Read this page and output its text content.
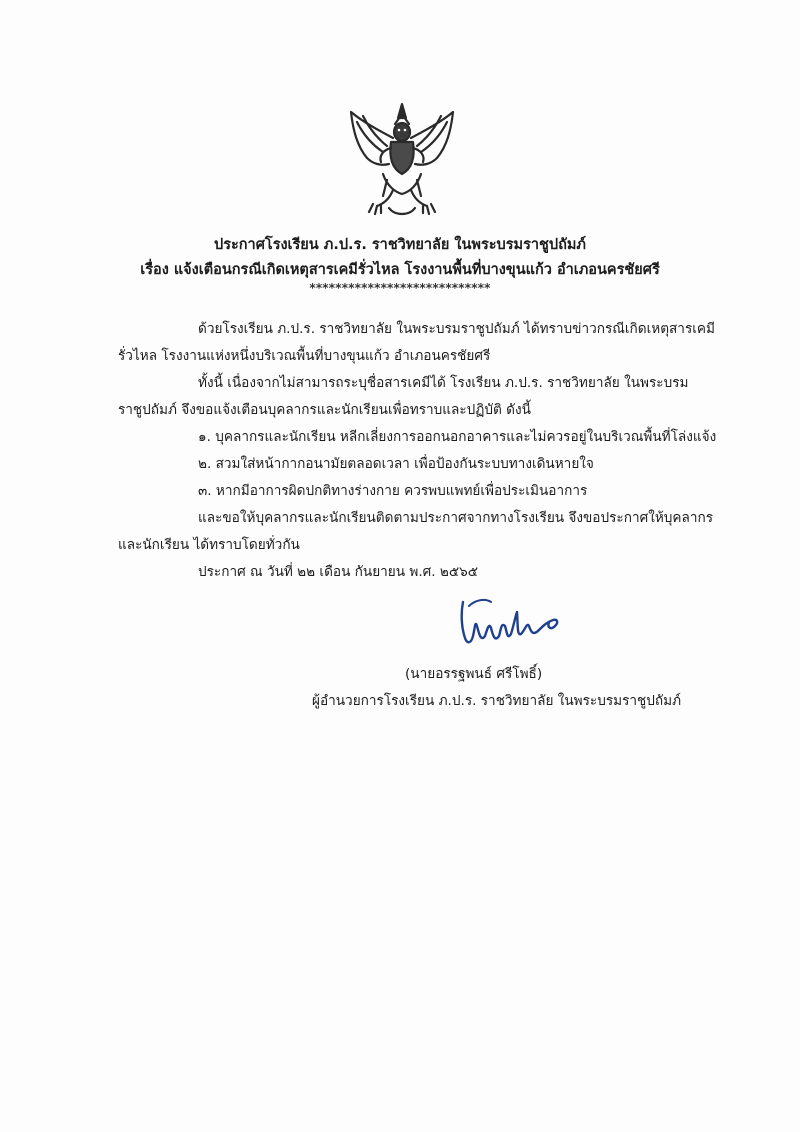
ประกาศโรงเรียน ภ.ป.ร. ราชวิทยาลัย ในพระบรมราชูปถัมภ์
เรื่อง แจ้งเตือนกรณีเกิดเหตุสารเคมีรั่วไหล โรงงานพื้นที่บางขุนแก้ว อำเภอนครชัยศรี
****************************
ด้วยโรงเรียน ภ.ป.ร. ราชวิทยาลัย ในพระบรมราชูปถัมภ์ ได้ทราบข่าวกรณีเกิดเหตุสารเคมี
รั่วไหล โรงงานแห่งหนึ่งบริเวณพื้นที่บางขุนแก้ว อำเภอนครชัยศรี
ทั้งนี้ เนื่องจากไม่สามารถระบุชื่อสารเคมีได้ โรงเรียน ภ.ป.ร. ราชวิทยาลัย ในพระบรม
ราชูปถัมภ์ จึงขอแจ้งเตือนบุคลากรและนักเรียนเพื่อทราบและปฏิบัติ ดังนี้
๑. บุคลากรและนักเรียน หลีกเลี่ยงการออกนอกอาคารและไม่ควรอยู่ในบริเวณพื้นที่โล่งแจ้ง
๒. สวมใส่หน้ากากอนามัยตลอดเวลา เพื่อป้องกันระบบทางเดินหายใจ
๓. หากมีอาการผิดปกติทางร่างกาย ควรพบแพทย์เพื่อประเมินอาการ
และขอให้บุคลากรและนักเรียนติดตามประกาศจากทางโรงเรียน จึงขอประกาศให้บุคลากร
และนักเรียน ได้ทราบโดยทั่วกัน
ประกาศ ณ วันที่ ๒๒ เดือน กันยายน พ.ศ. ๒๕๖๕
(นายอรรฐพนธ์ ศรีโพธิ์)
ผู้อำนวยการโรงเรียน ภ.ป.ร. ราชวิทยาลัย ในพระบรมราชูปถัมภ์
